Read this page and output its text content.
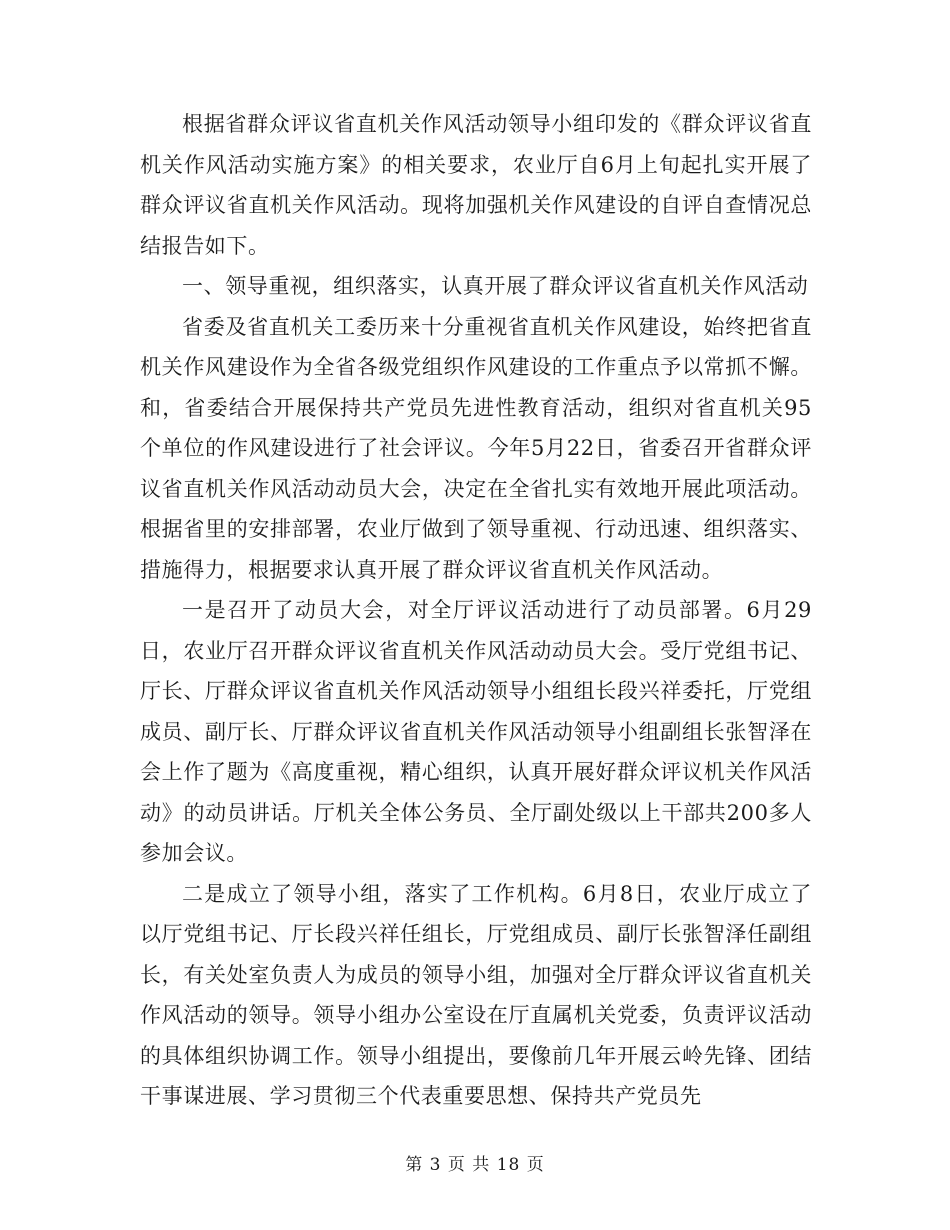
根据省群众评议省直机关作风活动领导小组印发的《群众评议省直机关作风活动实施方案》的相关要求，农业厅自6月上旬起扎实开展了群众评议省直机关作风活动。现将加强机关作风建设的自评自查情况总结报告如下。

一、领导重视，组织落实，认真开展了群众评议省直机关作风活动

省委及省直机关工委历来十分重视省直机关作风建设，始终把省直机关作风建设作为全省各级党组织作风建设的工作重点予以常抓不懈。和，省委结合开展保持共产党员先进性教育活动，组织对省直机关95个单位的作风建设进行了社会评议。今年5月22日，省委召开省群众评议省直机关作风活动动员大会，决定在全省扎实有效地开展此项活动。根据省里的安排部署，农业厅做到了领导重视、行动迅速、组织落实、措施得力，根据要求认真开展了群众评议省直机关作风活动。

一是召开了动员大会，对全厅评议活动进行了动员部署。6月29日，农业厅召开群众评议省直机关作风活动动员大会。受厅党组书记、厅长、厅群众评议省直机关作风活动领导小组组长段兴祥委托，厅党组成员、副厅长、厅群众评议省直机关作风活动领导小组副组长张智泽在会上作了题为《高度重视，精心组织，认真开展好群众评议机关作风活动》的动员讲话。厅机关全体公务员、全厅副处级以上干部共200多人参加会议。

二是成立了领导小组，落实了工作机构。6月8日，农业厅成立了以厅党组书记、厅长段兴祥任组长，厅党组成员、副厅长张智泽任副组长，有关处室负责人为成员的领导小组，加强对全厅群众评议省直机关作风活动的领导。领导小组办公室设在厅直属机关党委，负责评议活动的具体组织协调工作。领导小组提出，要像前几年开展云岭先锋、团结干事谋进展、学习贯彻三个代表重要思想、保持共产党员先

第 3 页 共 18 页
